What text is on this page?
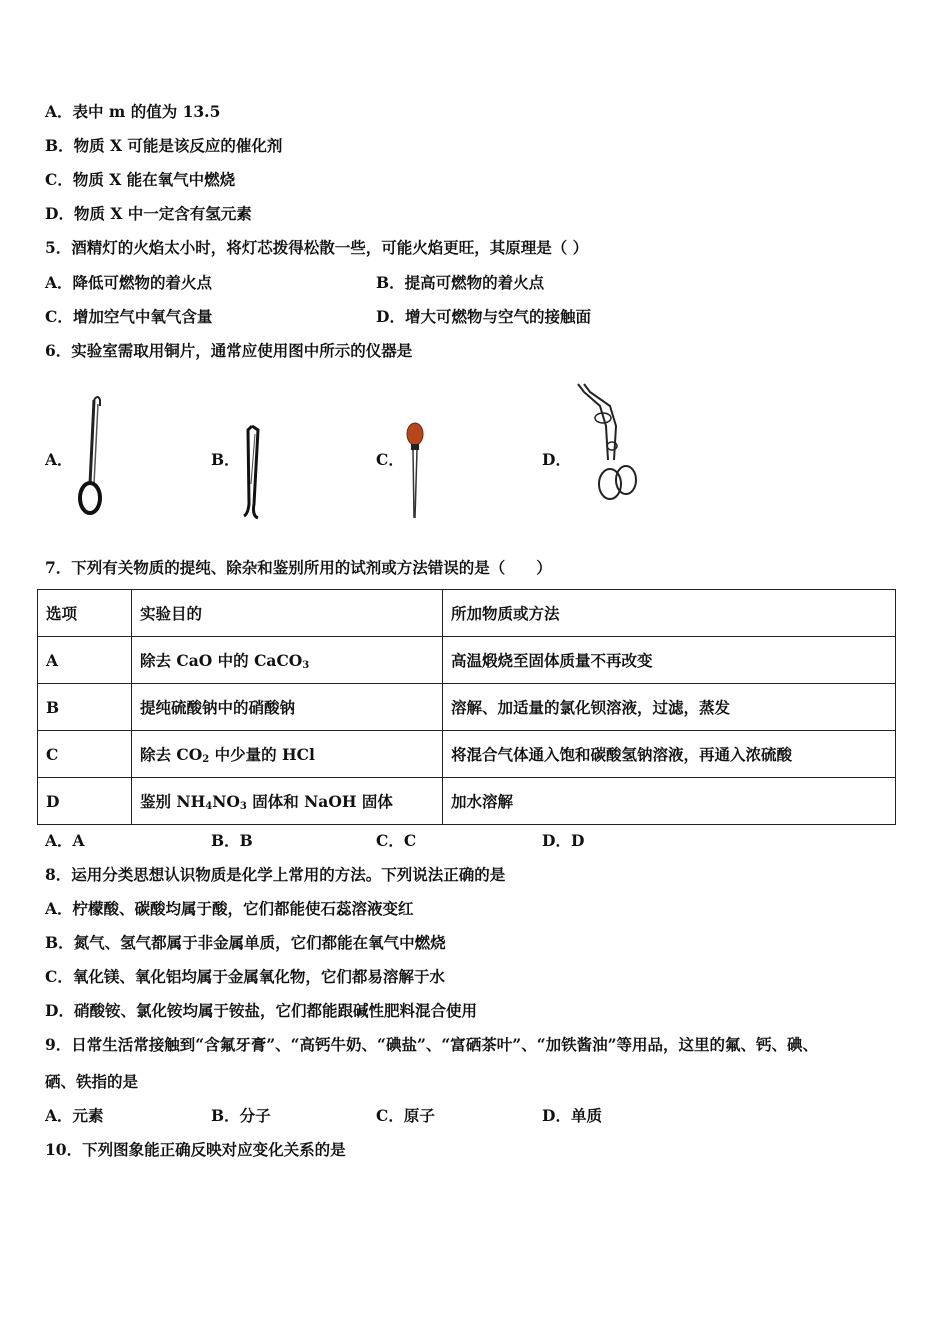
A．表中 m 的值为 13.5
B．物质 X 可能是该反应的催化剂
C．物质 X 能在氧气中燃烧
D．物质 X 中一定含有氢元素
5．酒精灯的火焰太小时，将灯芯拨得松散一些，可能火焰更旺，其原理是（ ）
A．降低可燃物的着火点	B．提高可燃物的着火点
C．增加空气中氧气含量	D．增大可燃物与空气的接触面
6．实验室需取用铜片，通常应使用图中所示的仪器是
A．	B．	C．	D．
7．下列有关物质的提纯、除杂和鉴别所用的试剂或方法错误的是（　　）
选项	实验目的	所加物质或方法
A	除去 CaO 中的 CaCO$_3$	高温煅烧至固体质量不再改变
B	提纯硫酸钠中的硝酸钠	溶解、加适量的氯化钡溶液，过滤，蒸发
C	除去 $CO_2$ 中少量的 HCl	将混合气体通入饱和碳酸氢钠溶液，再通入浓硫酸
D	鉴别 $NH_4NO_3$ 固体和 NaOH 固体	加水溶解
A．A	B．B	C．C	D．D
8．运用分类思想认识物质是化学上常用的方法。下列说法正确的是
A．柠檬酸、碳酸均属于酸，它们都能使石蕊溶液变红
B．氮气、氢气都属于非金属单质，它们都能在氧气中燃烧
C．氧化镁、氧化铝均属于金属氧化物，它们都易溶解于水
D．硝酸铵、氯化铵均属于铵盐，它们都能跟碱性肥料混合使用
9．日常生活常接触到“含氟牙膏”、“高钙牛奶、“碘盐”、“富硒茶叶”、“加铁酱油”等用品，这里的氟、钙、碘、
硒、铁指的是
A．元素	B．分子	C．原子	D．单质
10．下列图象能正确反映对应变化关系的是
